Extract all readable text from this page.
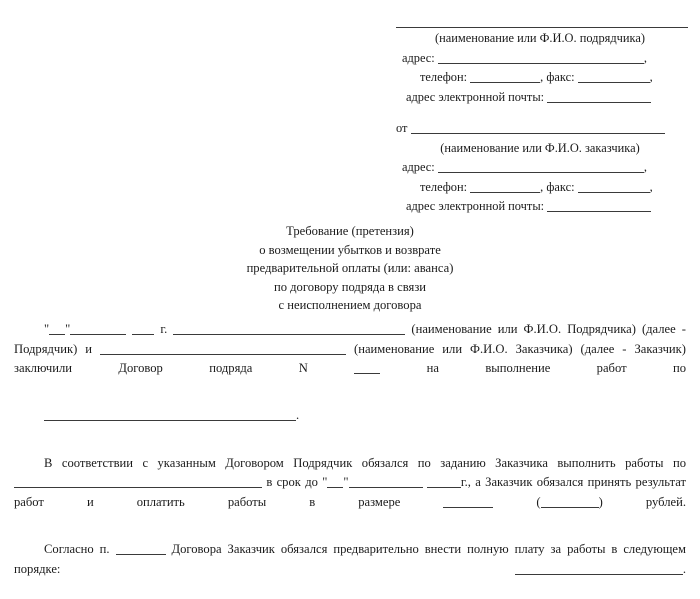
(наименование или Ф.И.О. подрядчика)
адрес:	,
телефон:	, факс:	,
адрес электронной почты:
от
(наименование или Ф.И.О. заказчика)
адрес:	,
телефон:	, факс:	,
адрес электронной почты:
Требование (претензия)
о возмещении убытков и возврате
предварительной оплаты (или: аванса)
по договору подряда в связи
с неисполнением договора

" "	г.	(наименование или Ф.И.О. Подрядчика) (далее - Подрядчик) и	(наименование или Ф.И.О. Заказчика) (далее - Заказчик) заключили Договор подряда N	на выполнение работ по

.

В соответствии с указанным Договором Подрядчик обязался по заданию Заказчика выполнить работы по  в срок до " "	г., а Заказчик обязался принять результат работ и оплатить работы в размере	(	)	рублей.

Согласно п.	Договора Заказчик обязался предварительно внести полную плату за работы в следующем порядке:	.
